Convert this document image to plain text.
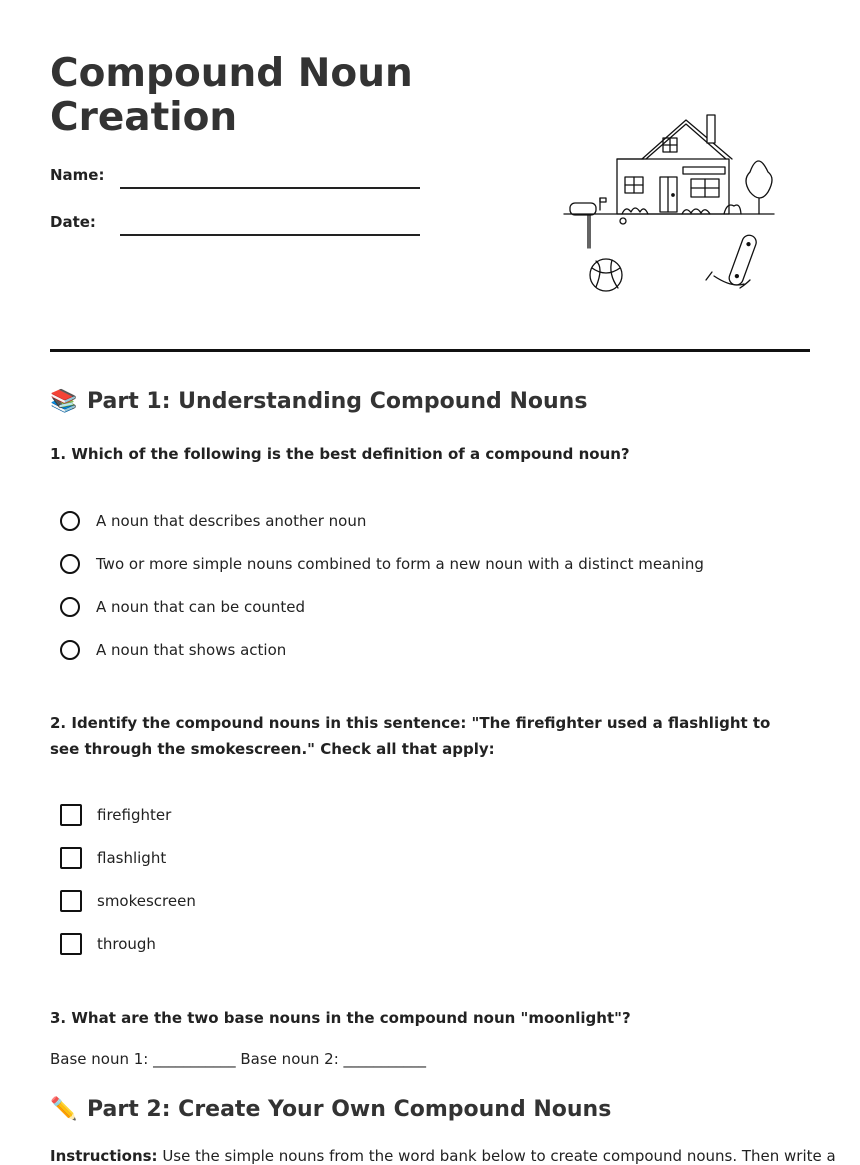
Compound Noun
Creation
Name:
Date:
📚 Part 1: Understanding Compound Nouns

1. Which of the following is the best definition of a compound noun?

A noun that describes another noun
Two or more simple nouns combined to form a new noun with a distinct meaning
A noun that can be counted
A noun that shows action

2. Identify the compound nouns in this sentence: "The firefighter used a flashlight to see through the smokescreen." Check all that apply:

firefighter
flashlight
smokescreen
through

3. What are the two base nouns in the compound noun "moonlight"?

Base noun 1: ___________ Base noun 2: ___________
✏️ Part 2: Create Your Own Compound Nouns
Instructions: Use the simple nouns from the word bank below to create compound nouns. Then write a
